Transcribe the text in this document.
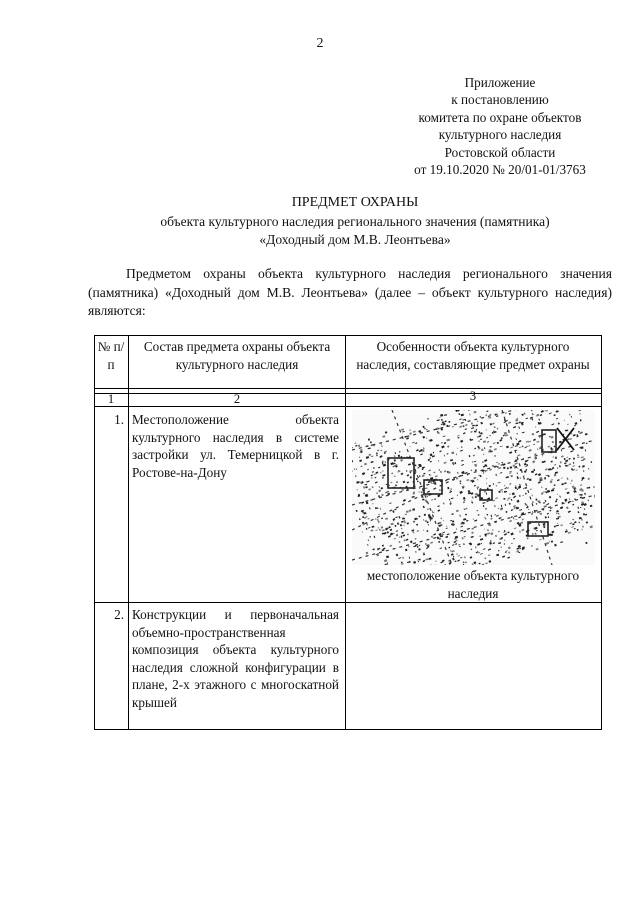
2
Приложение
к постановлению
комитета по охране объектов
культурного наследия
Ростовской области
от 19.10.2020 № 20/01-01/3763
ПРЕДМЕТ ОХРАНЫ
объекта культурного наследия регионального значения (памятника)
«Доходный дом М.В. Леонтьева»

Предметом охраны объекта культурного наследия регионального значения (памятника) «Доходный дом М.В. Леонтьева» (далее – объект культурного наследия) являются:

№ п/п
Состав предмета охраны объекта культурного наследия
Особенности объекта культурного наследия, составляющие предмет охраны
1	2	3
1. Местоположение объекта культурного наследия в системе застройки ул. Темерницкой в г. Ростове-на-Дону
местоположение объекта культурного наследия
2. Конструкции и первоначальная объемно-пространственная композиция объекта культурного наследия сложной конфигурации в плане, 2-х этажного с многоскатной крышей
